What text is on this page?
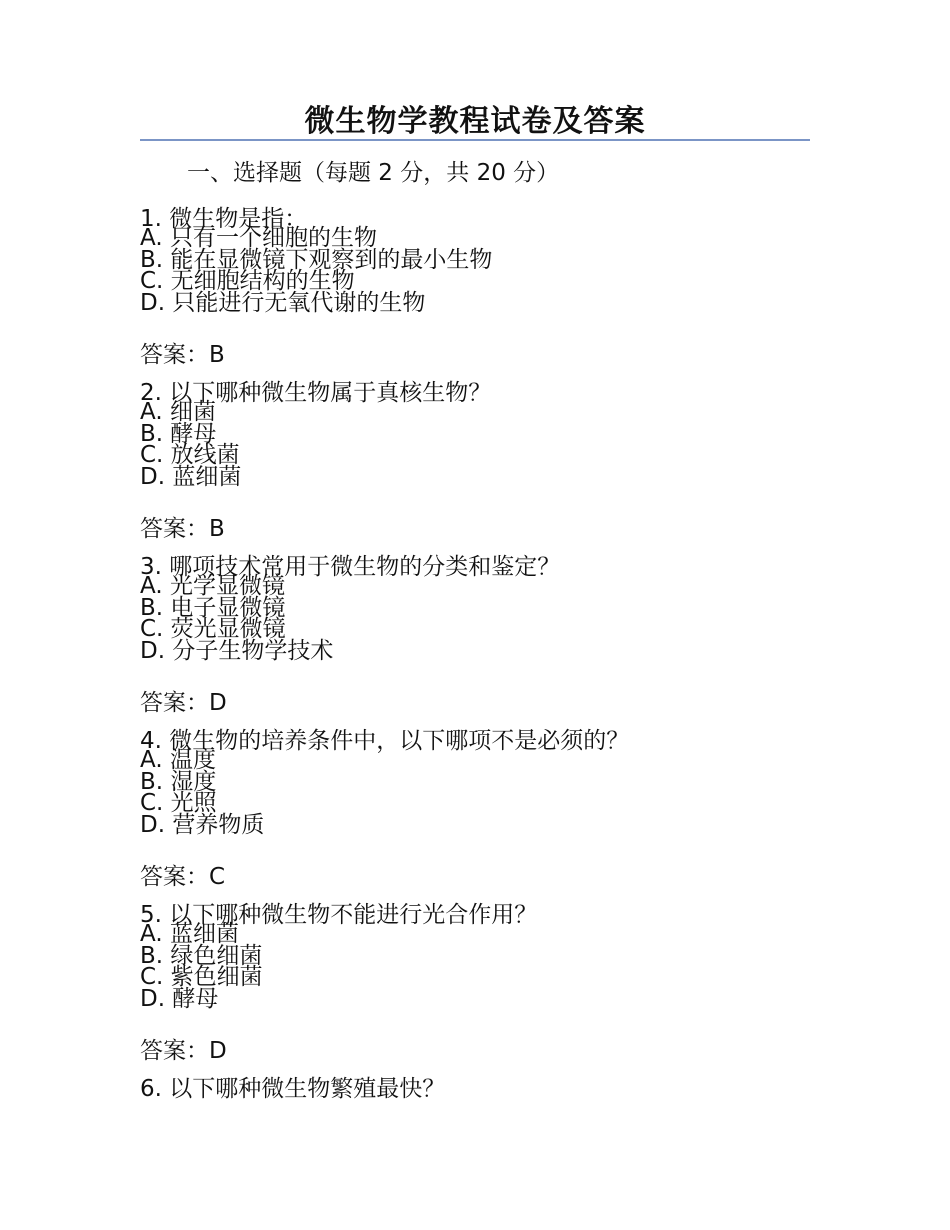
微生物学教程试卷及答案
一、选择题（每题 2 分，共 20 分）
1. 微生物是指：
A. 只有一个细胞的生物
B. 能在显微镜下观察到的最小生物
C. 无细胞结构的生物
D. 只能进行无氧代谢的生物
答案：B
2. 以下哪种微生物属于真核生物？
A. 细菌
B. 酵母
C. 放线菌
D. 蓝细菌
答案：B
3. 哪项技术常用于微生物的分类和鉴定？
A. 光学显微镜
B. 电子显微镜
C. 荧光显微镜
D. 分子生物学技术
答案：D
4. 微生物的培养条件中，以下哪项不是必须的？
A. 温度
B. 湿度
C. 光照
D. 营养物质
答案：C
5. 以下哪种微生物不能进行光合作用？
A. 蓝细菌
B. 绿色细菌
C. 紫色细菌
D. 酵母
答案：D
6. 以下哪种微生物繁殖最快？
